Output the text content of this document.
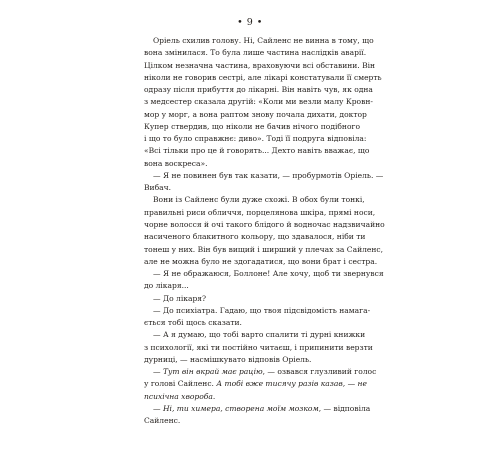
• 9 •
Оріель схилив голову. Ні, Сайленс не винна в тому, що
вона змінилася. То була лише частина наслідків аварії.
Цілком незначна частина, враховуючи всі обставини. Він
ніколи не говорив сестрі, але лікарі констатували її смерть
одразу після прибуття до лікарні. Він навіть чув, як одна
з медсестер сказала другій: «Коли ми везли малу Кровн-
мор у морг, а вона раптом знову почала дихати, доктор
Купер ствердив, що ніколи не бачив нічого подібного
і що то було справжнє: диво». Тоді її подруга відповіла:
«Всі тільки про це й говорять... Дехто навіть вважає, що
вона воскреса».
— Я не повинен був так казати, — пробурмотів Оріель. —
Вибач.
Вони із Сайленс були дуже схожі. В обох були тонкі,
правильні риси обличчя, порцелянова шкіра, прямі носи,
чорне волосся й очі такого блідого й водночас надзвичайно
насиченого блакитного кольору, що здавалося, ніби ти
тонеш у них. Він був вищий і ширший у плечах за Сайленс,
але не можна було не здогадатися, що вони брат і сестра.
— Я не ображаюся, Боллоне! Але хочу, щоб ти звернувся
до лікаря...
— До лікаря?
— До психіатра. Гадаю, що твоя підсвідомість намага-
ється тобі щось сказати.
— А я думаю, що тобі варто спалити ті дурні книжки
з психології, які ти постійно читаєш, і припинити верзти
дурниці, — насмішкувато відповів Оріель.
— Тут він вкрай має рацію, — озвався глузливий голос
у голові Сайленс. А тобі вже тисячу разів казав, — не
психічна хвороба.
— Ні, ти химера, створена моїм мозком, — відповіла
Сайленс.
